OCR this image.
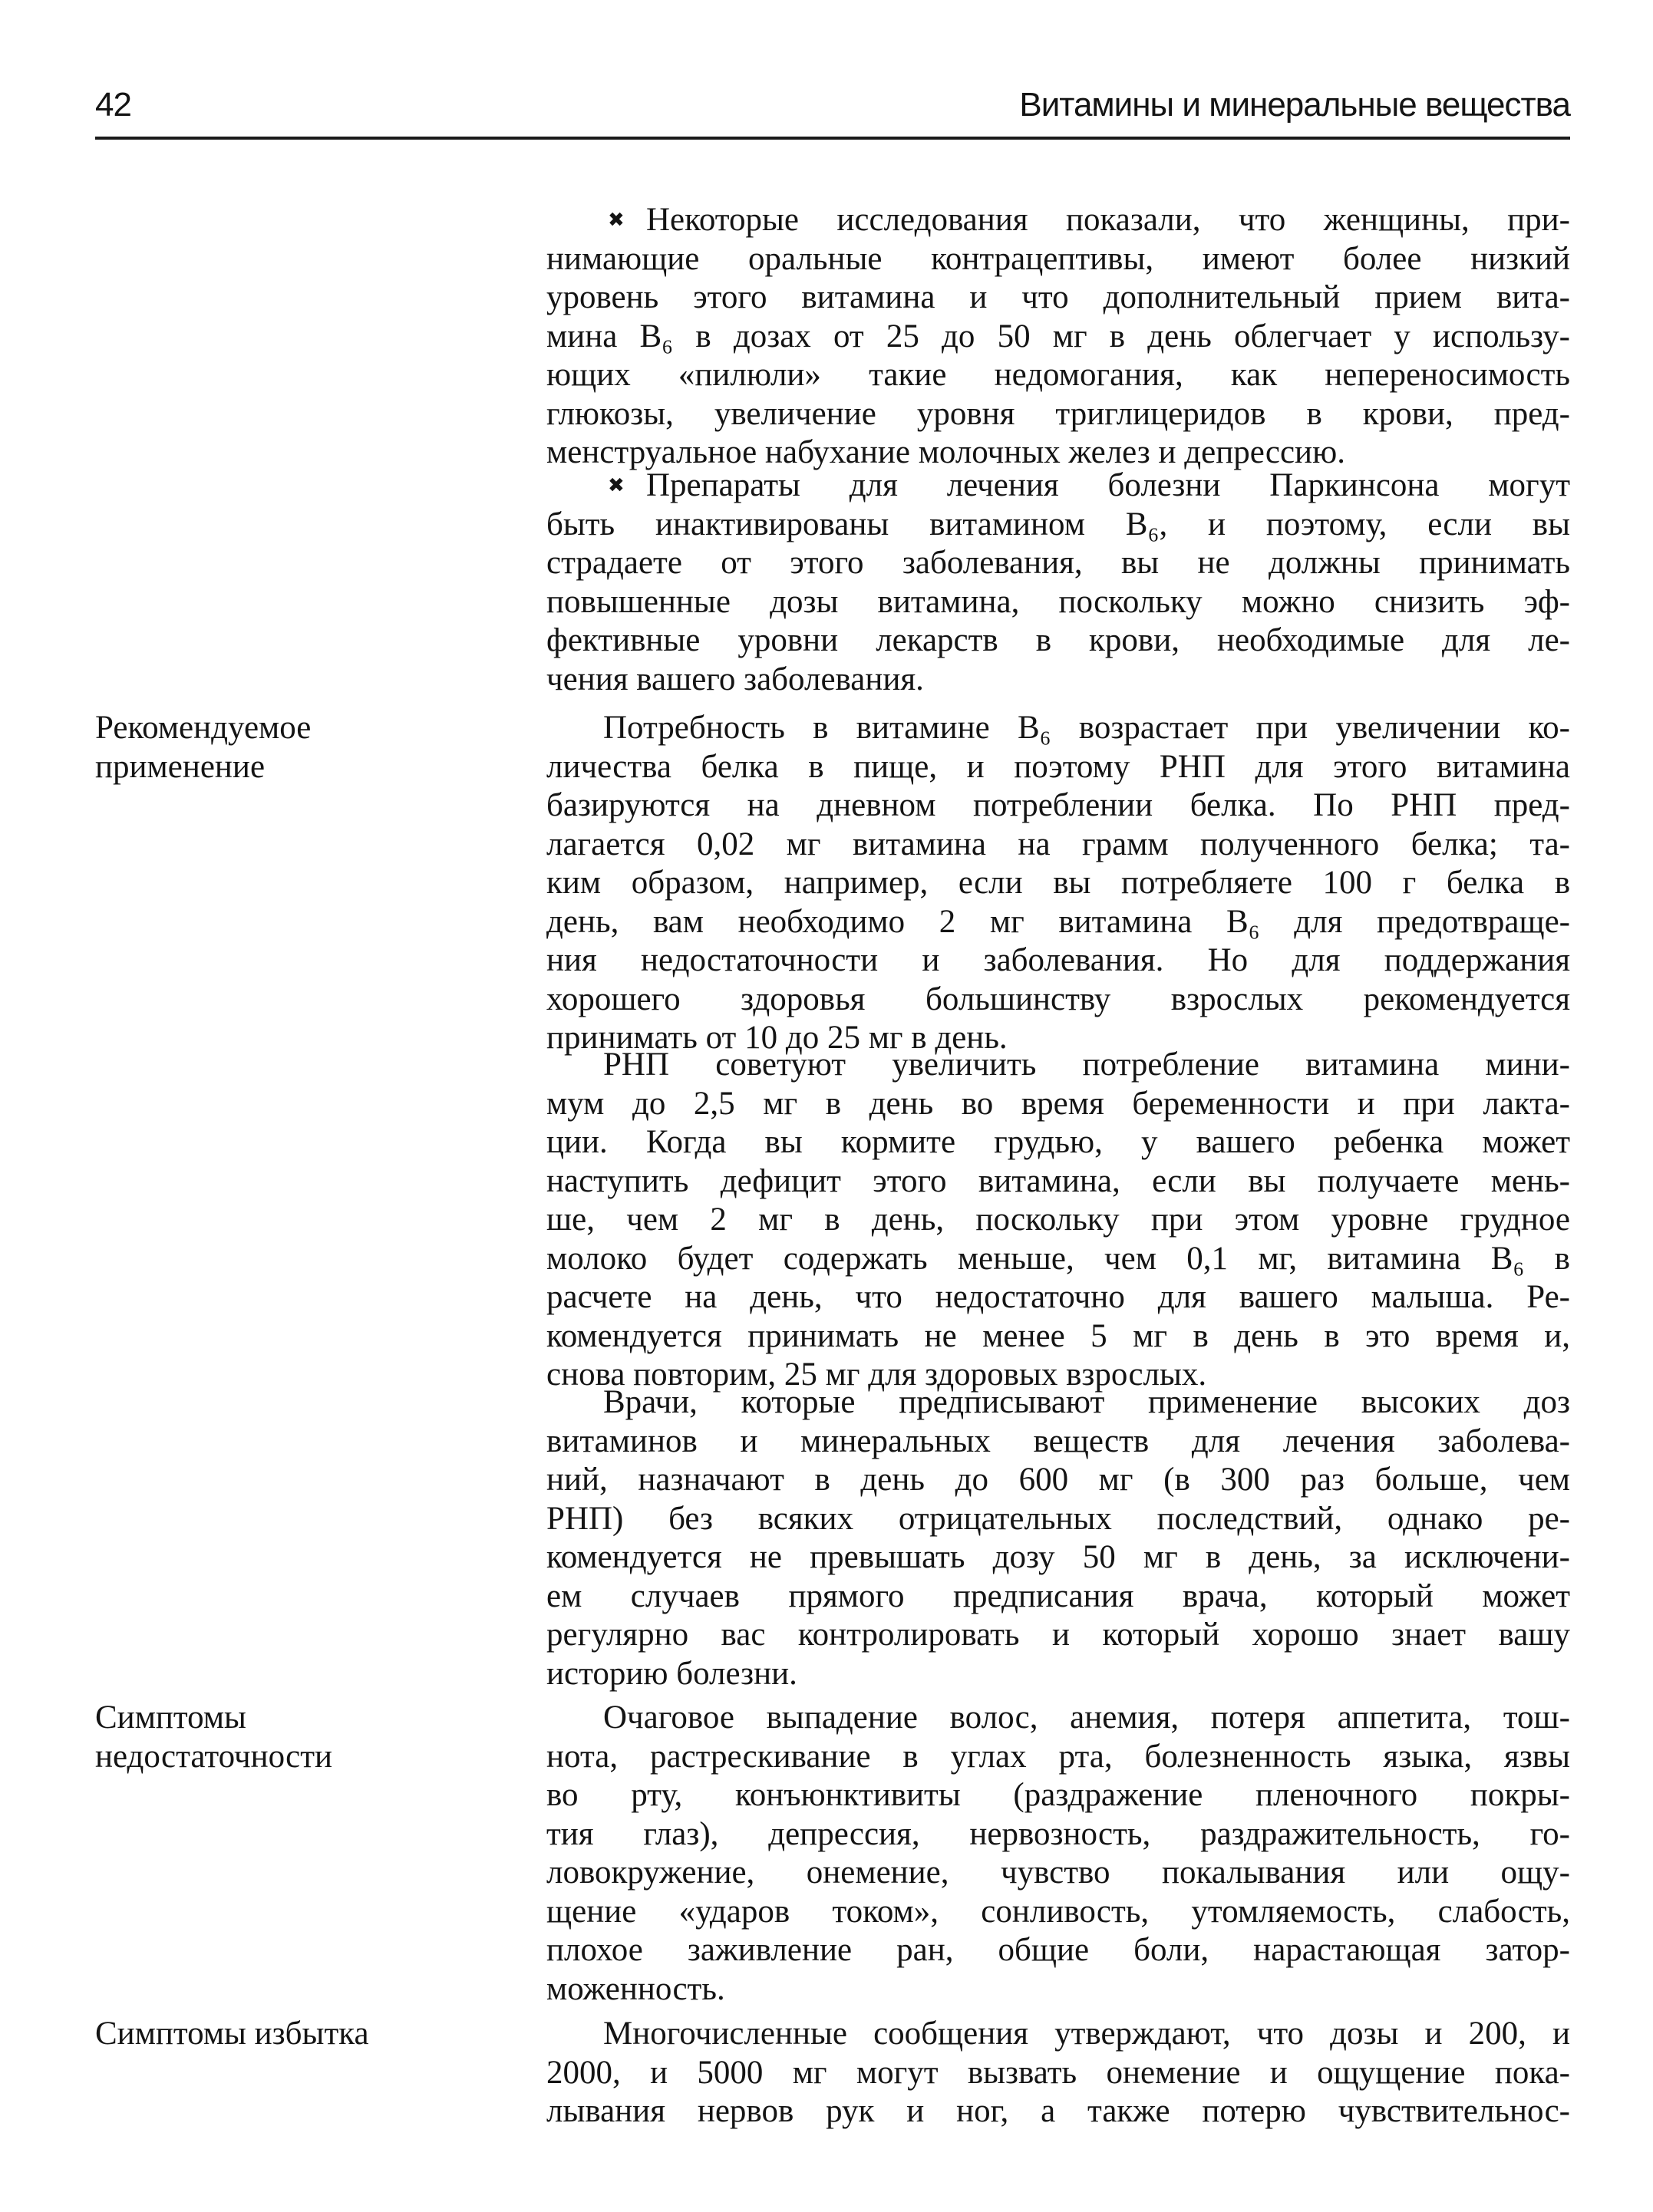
42	Витамины и минеральные вещества
Некоторые исследования показали, что женщины, при-
✖
нимающие оральные контрацептивы, имеют более низкий
уровень этого витамина и что дополнительный прием вита-
мина B₆ в дозах от 25 до 50 мг в день облегчает у использу-
ющих «пилюли» такие недомогания, как непереносимость
глюкозы, увеличение уровня триглицеридов в крови, пред-
менструальное набухание молочных желез и депрессию.
Препараты для лечения болезни Паркинсона могут
✖
быть инактивированы витамином B₆, и поэтому, если вы
страдаете от этого заболевания, вы не должны принимать
повышенные дозы витамина, поскольку можно снизить эф-
фективные уровни лекарств в крови, необходимые для ле-
чения вашего заболевания.
Рекомендуемое
применение
Потребность в витамине B₆ возрастает при увеличении ко-
личества белка в пище, и поэтому РНП для этого витамина
базируются на дневном потреблении белка. По РНП пред-
лагается 0,02 мг витамина на грамм полученного белка; та-
ким образом, например, если вы потребляете 100 г белка в
день, вам необходимо 2 мг витамина B₆ для предотвраще-
ния недостаточности и заболевания. Но для поддержания
хорошего здоровья большинству взрослых рекомендуется
принимать от 10 до 25 мг в день.
РНП советуют увеличить потребление витамина мини-
мум до 2,5 мг в день во время беременности и при лакта-
ции. Когда вы кормите грудью, у вашего ребенка может
наступить дефицит этого витамина, если вы получаете мень-
ше, чем 2 мг в день, поскольку при этом уровне грудное
молоко будет содержать меньше, чем 0,1 мг, витамина B₆ в
расчете на день, что недостаточно для вашего малыша. Ре-
комендуется принимать не менее 5 мг в день в это время и,
снова повторим, 25 мг для здоровых взрослых.
Врачи, которые предписывают применение высоких доз
витаминов и минеральных веществ для лечения заболева-
ний, назначают в день до 600 мг (в 300 раз больше, чем
РНП) без всяких отрицательных последствий, однако ре-
комендуется не превышать дозу 50 мг в день, за исключени-
ем случаев прямого предписания врача, который может
регулярно вас контролировать и который хорошо знает вашу
историю болезни.
Симптомы
недостаточности
Очаговое выпадение волос, анемия, потеря аппетита, тош-
нота, растрескивание в углах рта, болезненность языка, язвы
во рту, конъюнктивиты (раздражение пленочного покры-
тия глаз), депрессия, нервозность, раздражительность, го-
ловокружение, онемение, чувство покалывания или ощу-
щение «ударов током», сонливость, утомляемость, слабость,
плохое заживление ран, общие боли, нарастающая затор-
моженность.
Симптомы избытка	Многочисленные сообщения утверждают, что дозы и 200, и
2000, и 5000 мг могут вызвать онемение и ощущение пока-
лывания нервов рук и ног, а также потерю чувствительнос-
